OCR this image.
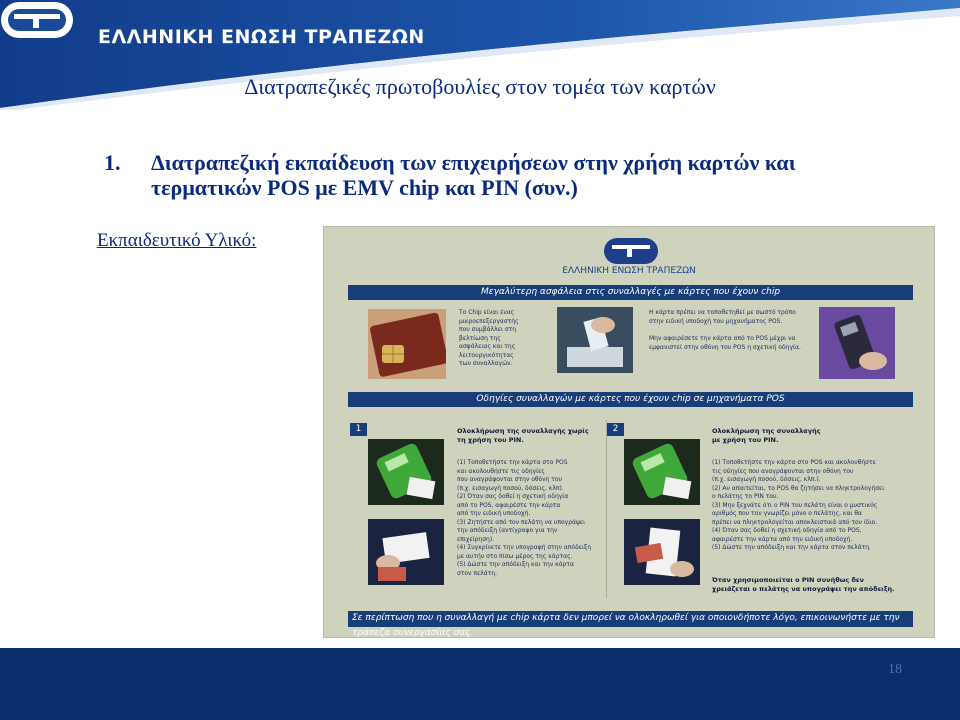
ΕΛΛΗΝΙΚΗ ΕΝΩΣΗ ΤΡΑΠΕΖΩΝ
Διατραπεζικές πρωτοβουλίες στον τομέα των καρτών
1. Διατραπεζική εκπαίδευση των επιχειρήσεων στην χρήση καρτών και τερματικών POS με EMV chip και PIN (συν.)
Εκπαιδευτικό Υλικό:
ΕΛΛΗΝΙΚΗ ΕΝΩΣΗ ΤΡΑΠΕΖΩΝ
Μεγαλύτερη ασφάλεια στις συναλλαγές με κάρτες που έχουν chip
Το Chip είναι ένας
μικροεπεξεργαστής
που συμβάλλει στη
βελτίωση της
ασφάλειας και της
λειτουργικότητας
των συναλλαγών.
Η κάρτα πρέπει να τοποθετηθεί με σωστό τρόπο
στην ειδική υποδοχή του μηχανήματος POS.
Μην αφαιρέσετε την κάρτα από το POS μέχρι να
εμφανιστεί στην οθόνη του POS η σχετική οδηγία.
Οδηγίες συναλλαγών με κάρτες που έχουν chip σε μηχανήματα POS
1	Ολοκλήρωση της συναλλαγής χωρίς
τη χρήση του PIN.
(1) Τοποθετήστε την κάρτα στο POS
και ακολουθήστε τις οδηγίες
που αναγράφονται στην οθόνη του
(π.χ. εισαγωγή ποσού, δόσεις, κλπ).
(2) Όταν σας δοθεί η σχετική οδηγία
από το POS, αφαιρέστε την κάρτα
από την ειδική υποδοχή.
(3) Ζητήστε από τον πελάτη να υπογράψει
την απόδειξη (αντίγραφο για την
επιχείρηση).
(4) Συγκρίνετε την υπογραφή στην απόδειξη
με αυτήν στο πίσω μέρος της κάρτας.
(5) Δώστε την απόδειξη και την κάρτα
στον πελάτη.
2	Ολοκλήρωση της συναλλαγής
με χρήση του PIN.
(1) Τοποθετήστε την κάρτα στο POS και ακολουθήστε
τις οδηγίες που αναγράφονται στην οθόνη του
(π.χ. εισαγωγή ποσού, δόσεις, κλπ.).
(2) Αν απαιτείται, το POS θα ζητήσει να πληκτρολογήσει
ο πελάτης το PIN του.
(3) Μην ξεχνάτε ότι ο PIN του πελάτη είναι ο μυστικός
αριθμός που τον γνωρίζει μόνο ο πελάτης, και θα
πρέπει να πληκτρολογείται αποκλειστικά από τον ίδιο.
(4) Όταν σας δοθεί η σχετική οδηγία από το POS,
αφαιρέστε την κάρτα από την ειδική υποδοχή.
(5) Δώστε την απόδειξη και την κάρτα στον πελάτη.
Όταν χρησιμοποιείται ο PIN συνήθως δεν
χρειάζεται ο πελάτης να υπογράψει την απόδειξη.
Σε περίπτωση που η συναλλαγή με chip κάρτα δεν μπορεί να ολοκληρωθεί για οποιονδήποτε λόγο, επικοινωνήστε με την τράπεζα συνεργασίας σας
18
